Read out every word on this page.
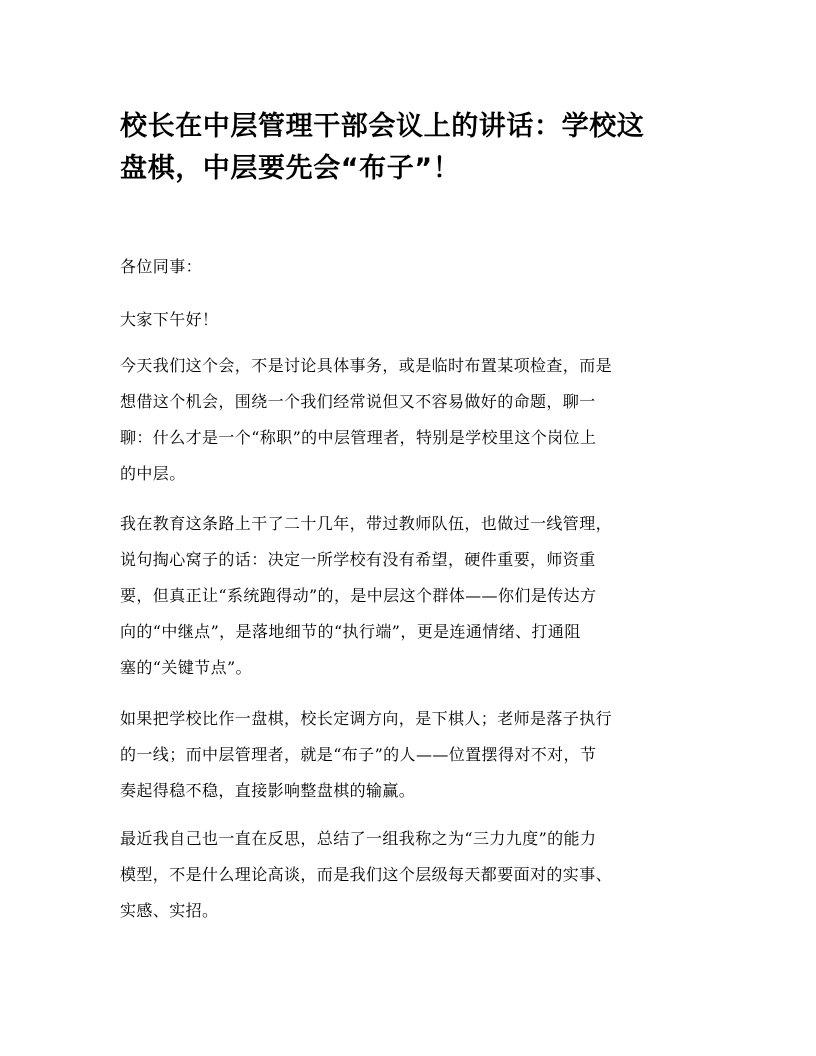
校长在中层管理干部会议上的讲话：学校这
盘棋，中层要先会“布子”！

各位同事：

大家下午好！

今天我们这个会，不是讨论具体事务，或是临时布置某项检查，而是
想借这个机会，围绕一个我们经常说但又不容易做好的命题，聊一
聊：什么才是一个“称职”的中层管理者，特别是学校里这个岗位上
的中层。

我在教育这条路上干了二十几年，带过教师队伍，也做过一线管理，
说句掏心窝子的话：决定一所学校有没有希望，硬件重要，师资重
要，但真正让“系统跑得动”的，是中层这个群体——你们是传达方
向的“中继点”，是落地细节的“执行端”，更是连通情绪、打通阻
塞的“关键节点”。

如果把学校比作一盘棋，校长定调方向，是下棋人；老师是落子执行
的一线；而中层管理者，就是“布子”的人——位置摆得对不对，节
奏起得稳不稳，直接影响整盘棋的输赢。

最近我自己也一直在反思，总结了一组我称之为“三力九度”的能力
模型，不是什么理论高谈，而是我们这个层级每天都要面对的实事、
实感、实招。
